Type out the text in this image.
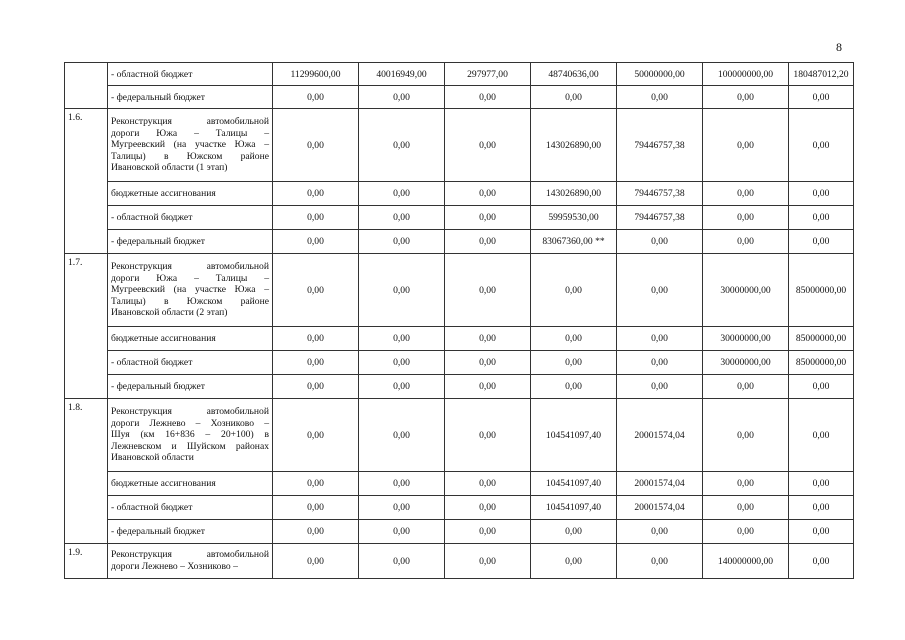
8
	- областной бюджет	11299600,00	40016949,00	297977,00	48740636,00	50000000,00	100000000,00	180487012,20
	- федеральный бюджет	0,00	0,00	0,00	0,00	0,00	0,00	0,00
1.6.	Реконструкция автомобильной
дороги Южа – Талицы –
Мугреевский (на участке Южа –
Талицы) в Южском районе
Ивановской области (1 этап)	0,00	0,00	0,00	143026890,00	79446757,38	0,00	0,00
	бюджетные ассигнования	0,00	0,00	0,00	143026890,00	79446757,38	0,00	0,00
	- областной бюджет	0,00	0,00	0,00	59959530,00	79446757,38	0,00	0,00
	- федеральный бюджет	0,00	0,00	0,00	83067360,00 **	0,00	0,00	0,00
1.7.	Реконструкция автомобильной
дороги Южа – Талицы –
Мугреевский (на участке Южа –
Талицы) в Южском районе
Ивановской области (2 этап)	0,00	0,00	0,00	0,00	0,00	30000000,00	85000000,00
	бюджетные ассигнования	0,00	0,00	0,00	0,00	0,00	30000000,00	85000000,00
	- областной бюджет	0,00	0,00	0,00	0,00	0,00	30000000,00	85000000,00
	- федеральный бюджет	0,00	0,00	0,00	0,00	0,00	0,00	0,00
1.8.	Реконструкция автомобильной
дороги Лежнево – Хозниково –
Шуя (км 16+836 – 20+100) в
Лежневском и Шуйском районах
Ивановской области	0,00	0,00	0,00	104541097,40	20001574,04	0,00	0,00
	бюджетные ассигнования	0,00	0,00	0,00	104541097,40	20001574,04	0,00	0,00
	- областной бюджет	0,00	0,00	0,00	104541097,40	20001574,04	0,00	0,00
	- федеральный бюджет	0,00	0,00	0,00	0,00	0,00	0,00	0,00
1.9.	Реконструкция автомобильной
дороги Лежнево – Хозниково –	0,00	0,00	0,00	0,00	0,00	140000000,00	0,00
